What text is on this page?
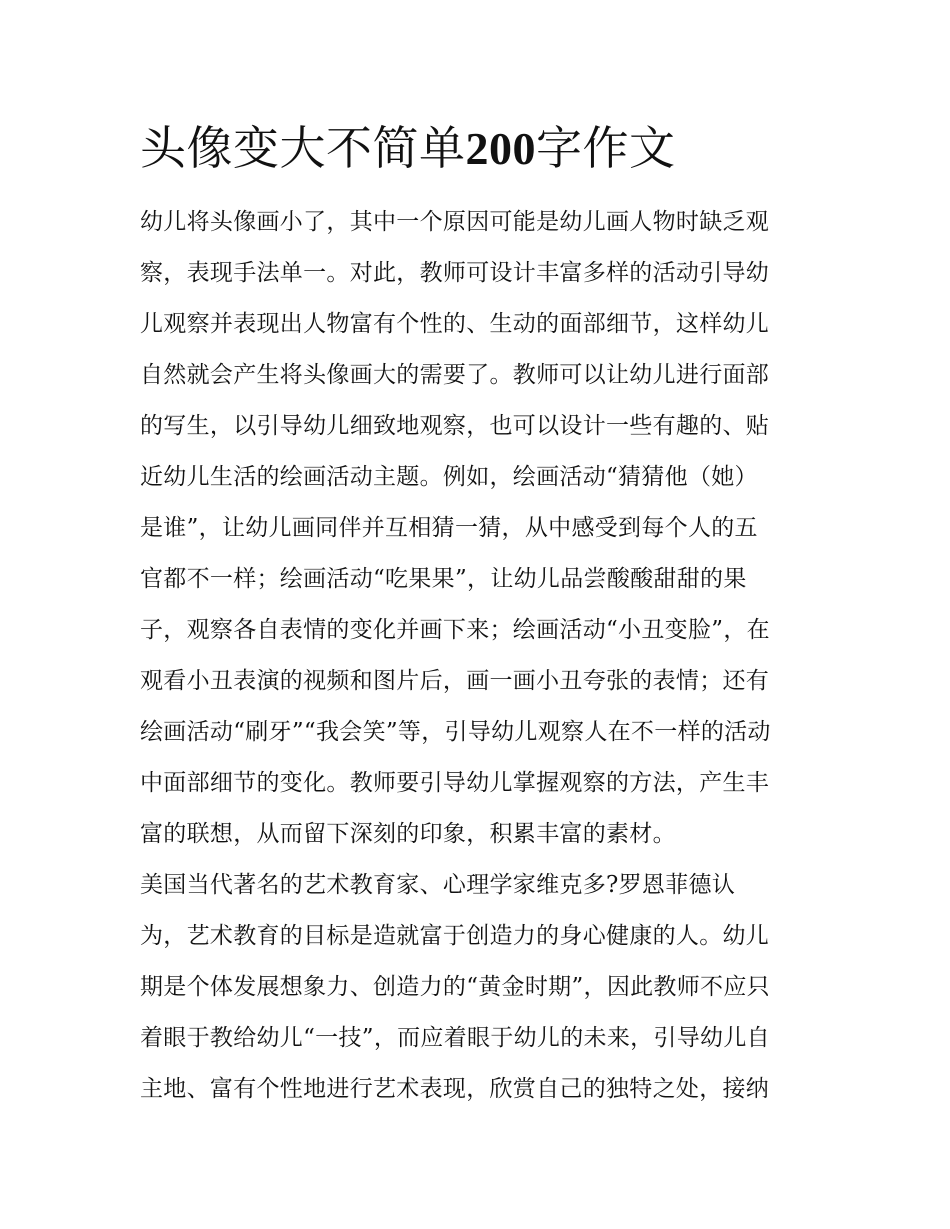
头像变大不简单200字作文
幼儿将头像画小了，其中一个原因可能是幼儿画人物时缺乏观
察，表现手法单一。对此，教师可设计丰富多样的活动引导幼
儿观察并表现出人物富有个性的、生动的面部细节，这样幼儿
自然就会产生将头像画大的需要了。教师可以让幼儿进行面部
的写生，以引导幼儿细致地观察，也可以设计一些有趣的、贴
近幼儿生活的绘画活动主题。例如，绘画活动“猜猜他（她）
是谁”，让幼儿画同伴并互相猜一猜，从中感受到每个人的五
官都不一样；绘画活动“吃果果”，让幼儿品尝酸酸甜甜的果
子，观察各自表情的变化并画下来；绘画活动“小丑变脸”，在
观看小丑表演的视频和图片后，画一画小丑夸张的表情；还有
绘画活动“刷牙”“我会笑”等，引导幼儿观察人在不一样的活动
中面部细节的变化。教师要引导幼儿掌握观察的方法，产生丰
富的联想，从而留下深刻的印象，积累丰富的素材。
美国当代著名的艺术教育家、心理学家维克多?罗恩菲德认
为，艺术教育的目标是造就富于创造力的身心健康的人。幼儿
期是个体发展想象力、创造力的“黄金时期”，因此教师不应只
着眼于教给幼儿“一技”，而应着眼于幼儿的未来，引导幼儿自
主地、富有个性地进行艺术表现，欣赏自己的独特之处，接纳
